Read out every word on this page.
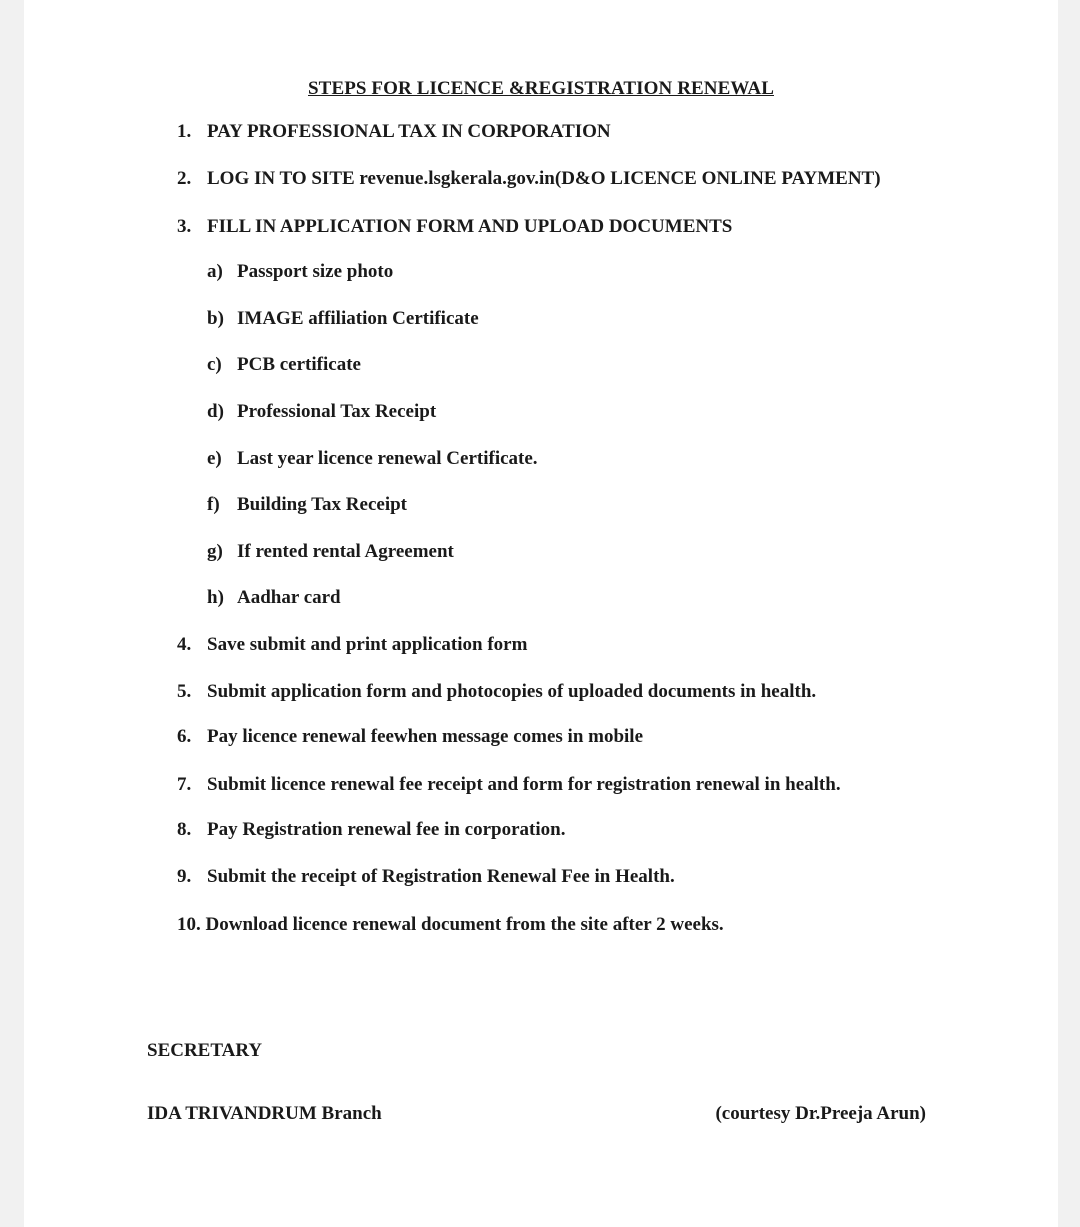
STEPS FOR LICENCE &REGISTRATION RENEWAL
1. PAY PROFESSIONAL TAX IN CORPORATION
2. LOG IN TO SITE revenue.lsgkerala.gov.in(D&O LICENCE ONLINE PAYMENT)
3. FILL IN APPLICATION FORM AND UPLOAD DOCUMENTS
a) Passport size photo
b) IMAGE affiliation Certificate
c) PCB certificate
d) Professional Tax Receipt
e) Last year licence renewal Certificate.
f) Building Tax Receipt
g) If rented rental Agreement
h) Aadhar card
4. Save submit and print application form
5. Submit application form and photocopies of uploaded documents in health.
6. Pay licence renewal feewhen message comes in mobile
7. Submit licence renewal fee receipt and form for registration renewal in health.
8. Pay Registration renewal fee in corporation.
9. Submit the receipt of Registration Renewal Fee in Health.
10. Download licence renewal document from the site after 2 weeks.
SECRETARY
IDA TRIVANDRUM Branch	(courtesy Dr.Preeja Arun)
